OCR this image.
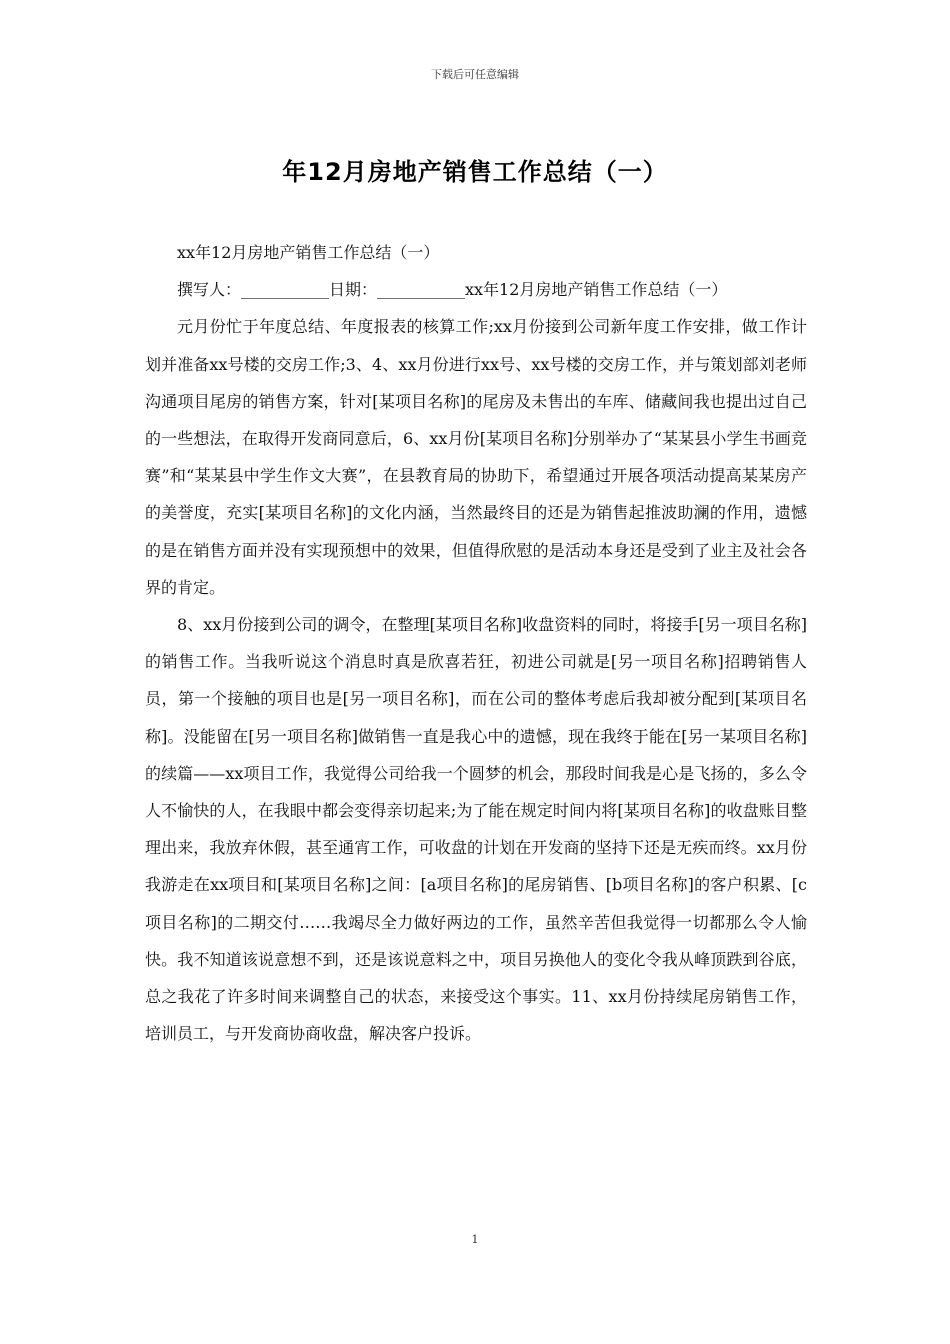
下载后可任意编辑
年12月房地产销售工作总结（一）

xx年12月房地产销售工作总结（一）

撰写人：___________日期：___________xx年12月房地产销售工作总结（一）

元月份忙于年度总结、年度报表的核算工作;xx月份接到公司新年度工作安排，做工作计划并准备xx号楼的交房工作;3、4、xx月份进行xx号、xx号楼的交房工作，并与策划部刘老师沟通项目尾房的销售方案，针对[某项目名称]的尾房及未售出的车库、储藏间我也提出过自己的一些想法，在取得开发商同意后，6、xx月份[某项目名称]分别举办了“某某县小学生书画竞赛”和“某某县中学生作文大赛”，在县教育局的协助下，希望通过开展各项活动提高某某房产的美誉度，充实[某项目名称]的文化内涵，当然最终目的还是为销售起推波助澜的作用，遗憾的是在销售方面并没有实现预想中的效果，但值得欣慰的是活动本身还是受到了业主及社会各界的肯定。

8、xx月份接到公司的调令，在整理[某项目名称]收盘资料的同时，将接手[另一项目名称]的销售工作。当我听说这个消息时真是欣喜若狂，初进公司就是[另一项目名称]招聘销售人员，第一个接触的项目也是[另一项目名称]，而在公司的整体考虑后我却被分配到[某项目名称]。没能留在[另一项目名称]做销售一直是我心中的遗憾，现在我终于能在[另一某项目名称]的续篇——xx项目工作，我觉得公司给我一个圆梦的机会，那段时间我是心是飞扬的，多么令人不愉快的人，在我眼中都会变得亲切起来;为了能在规定时间内将[某项目名称]的收盘账目整理出来，我放弃休假，甚至通宵工作，可收盘的计划在开发商的坚持下还是无疾而终。xx月份我游走在xx项目和[某项目名称]之间：[a项目名称]的尾房销售、[b项目名称]的客户积累、[c项目名称]的二期交付……我竭尽全力做好两边的工作，虽然辛苦但我觉得一切都那么令人愉快。我不知道该说意想不到，还是该说意料之中，项目另换他人的变化令我从峰顶跌到谷底，总之我花了许多时间来调整自己的状态，来接受这个事实。11、xx月份持续尾房销售工作，培训员工，与开发商协商收盘，解决客户投诉。

1
